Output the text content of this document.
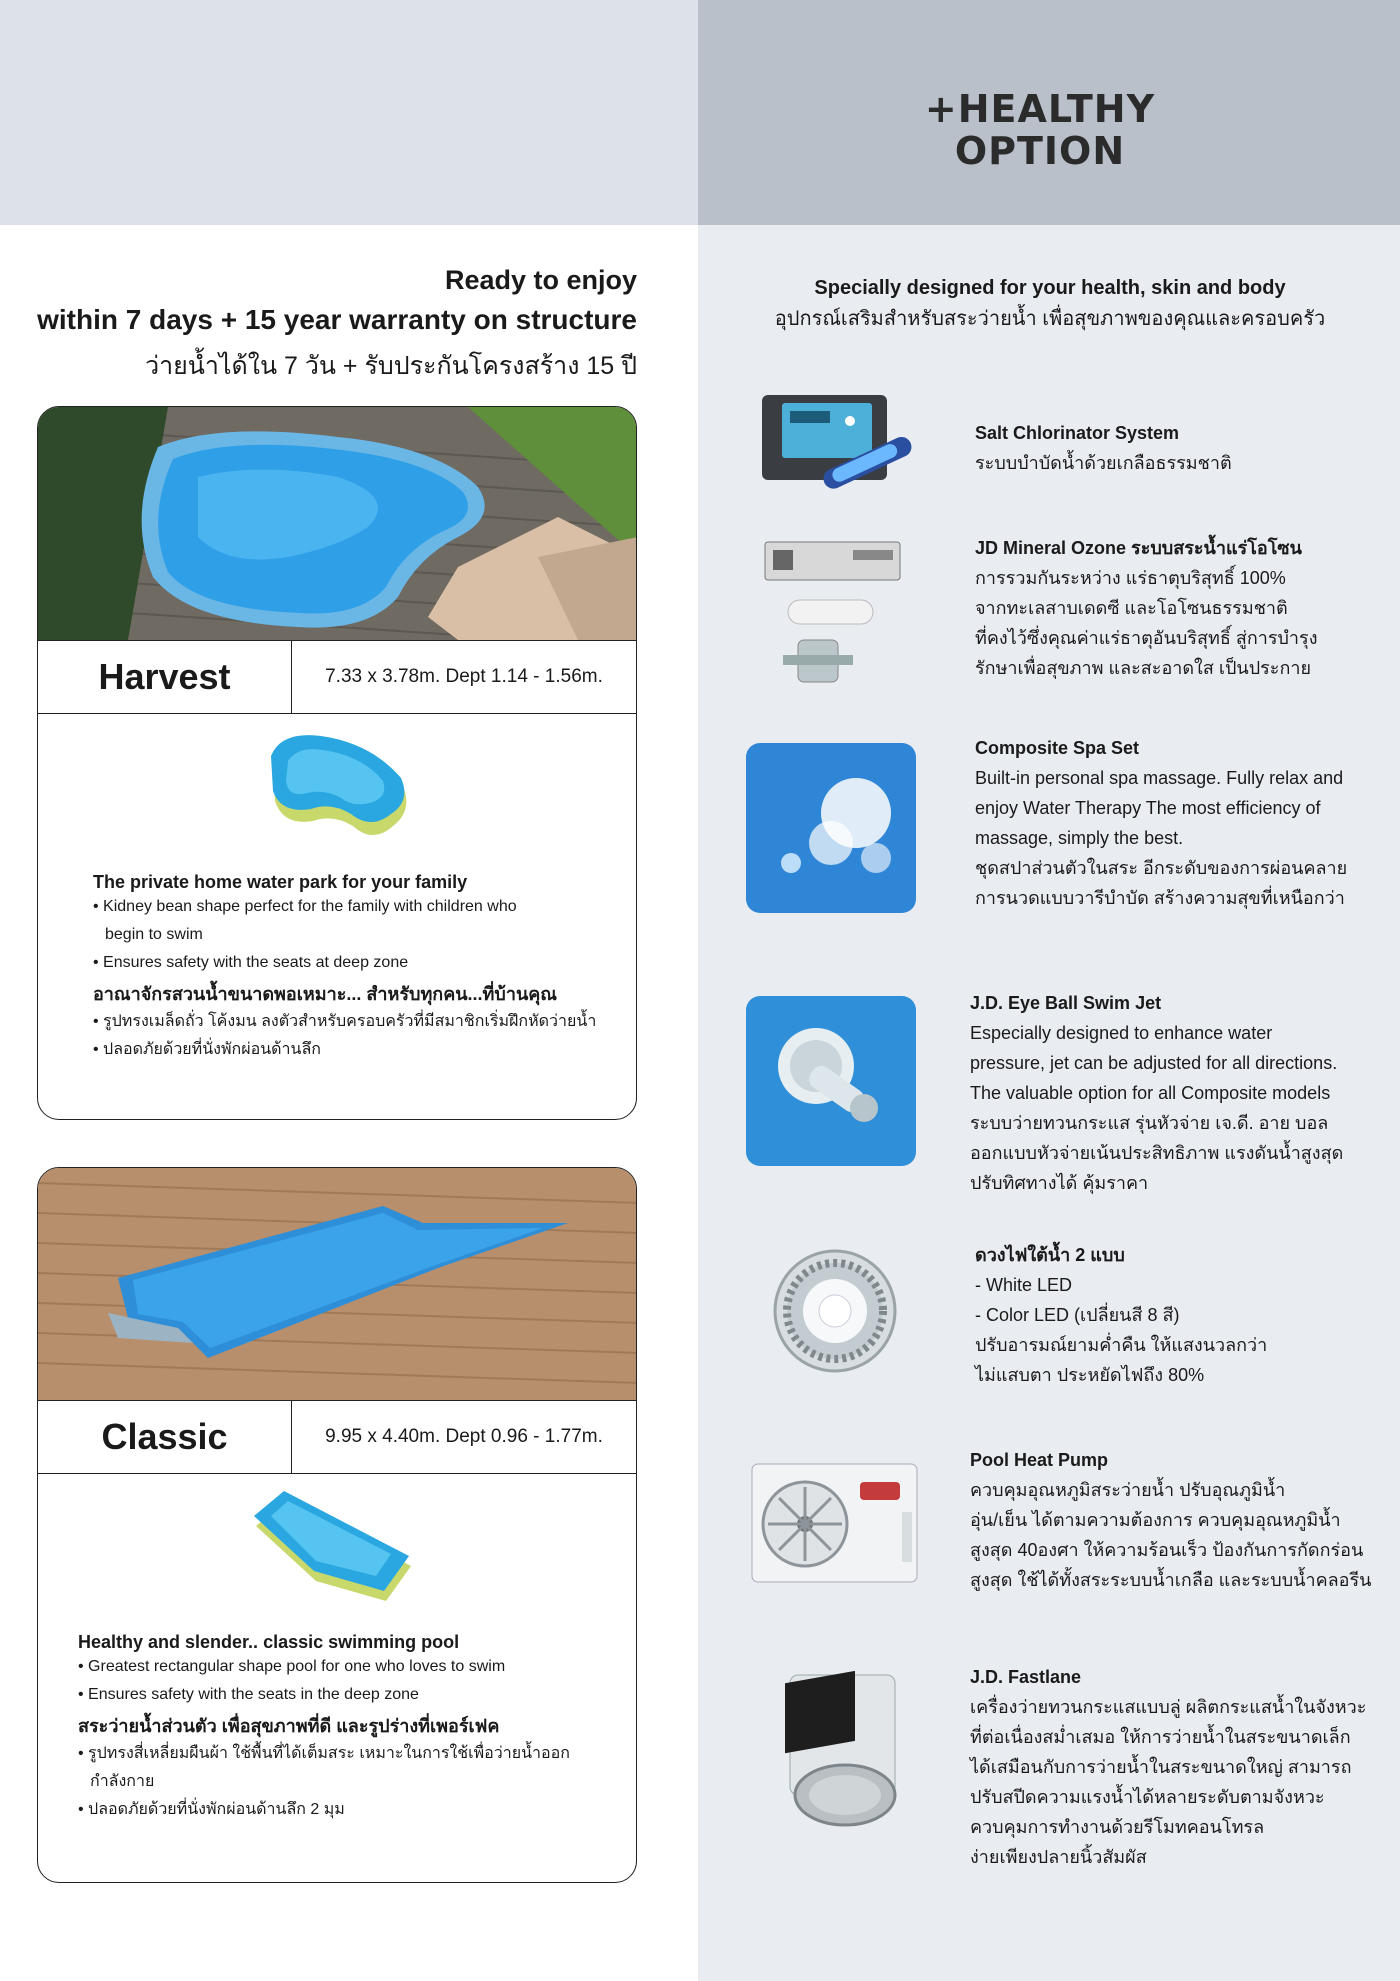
+HEALTHY
OPTION
Ready to enjoy
within 7 days + 15 year warranty on structure
ว่ายน้ำได้ใน 7 วัน + รับประกันโครงสร้าง 15 ปี
Harvest	7.33 x 3.78m. Dept 1.14 - 1.56m.
The private home water park for your family
• Kidney bean shape perfect for the family with children who begin to swim
• Ensures safety with the seats at deep zone
อาณาจักรสวนน้ำขนาดพอเหมาะ... สำหรับทุกคน...ที่บ้านคุณ
• รูปทรงเมล็ดถั่ว โค้งมน ลงตัวสำหรับครอบครัวที่มีสมาชิกเริ่มฝึกหัดว่ายน้ำ
• ปลอดภัยด้วยที่นั่งพักผ่อนด้านลึก
Classic	9.95 x 4.40m. Dept 0.96 - 1.77m.
Healthy and slender.. classic swimming pool
• Greatest rectangular shape pool for one who loves to swim
• Ensures safety with the seats in the deep zone
สระว่ายน้ำส่วนตัว เพื่อสุขภาพที่ดี และรูปร่างที่เพอร์เฟค
• รูปทรงสี่เหลี่ยมผืนผ้า ใช้พื้นที่ได้เต็มสระ เหมาะในการใช้เพื่อว่ายน้ำออกกำลังกาย
• ปลอดภัยด้วยที่นั่งพักผ่อนด้านลึก 2 มุม
Specially designed for your health, skin and body
อุปกรณ์เสริมสำหรับสระว่ายน้ำ เพื่อสุขภาพของคุณและครอบครัว
Salt Chlorinator System
ระบบบำบัดน้ำด้วยเกลือธรรมชาติ
JD Mineral Ozone ระบบสระน้ำแร่โอโซน
การรวมกันระหว่าง แร่ธาตุบริสุทธิ์ 100%
จากทะเลสาบเดดซี และโอโซนธรรมชาติ
ที่คงไว้ซึ่งคุณค่าแร่ธาตุอันบริสุทธิ์ สู่การบำรุง
รักษาเพื่อสุขภาพ และสะอาดใส เป็นประกาย
Composite Spa Set
Built-in personal spa massage. Fully relax and
enjoy Water Therapy The most efficiency of
massage, simply the best.
ชุดสปาส่วนตัวในสระ อีกระดับของการผ่อนคลาย
การนวดแบบวารีบำบัด สร้างความสุขที่เหนือกว่า
J.D. Eye Ball Swim Jet
Especially designed to enhance water
pressure, jet can be adjusted for all directions.
The valuable option for all Composite models
ระบบว่ายทวนกระแส รุ่นหัวจ่าย เจ.ดี. อาย บอล
ออกแบบหัวจ่ายเน้นประสิทธิภาพ แรงดันน้ำสูงสุด
ปรับทิศทางได้ คุ้มราคา
ดวงไฟใต้น้ำ 2 แบบ
- White LED
- Color LED (เปลี่ยนสี 8 สี)
ปรับอารมณ์ยามค่ำคืน ให้แสงนวลกว่า
ไม่แสบตา ประหยัดไฟถึง 80%
Pool Heat Pump
ควบคุมอุณหภูมิสระว่ายน้ำ ปรับอุณภูมิน้ำ
อุ่น/เย็น ได้ตามความต้องการ ควบคุมอุณหภูมิน้ำ
สูงสุด 40องศา ให้ความร้อนเร็ว ป้องกันการกัดกร่อน
สูงสุด ใช้ได้ทั้งสระระบบน้ำเกลือ และระบบน้ำคลอรีน
J.D. Fastlane
เครื่องว่ายทวนกระแสแบบลู่ ผลิตกระแสน้ำในจังหวะ
ที่ต่อเนื่องสม่ำเสมอ ให้การว่ายน้ำในสระขนาดเล็ก
ได้เสมือนกับการว่ายน้ำในสระขนาดใหญ่ สามารถ
ปรับสปีดความแรงน้ำได้หลายระดับตามจังหวะ
ควบคุมการทำงานด้วยรีโมทคอนโทรล
ง่ายเพียงปลายนิ้วสัมผัส
